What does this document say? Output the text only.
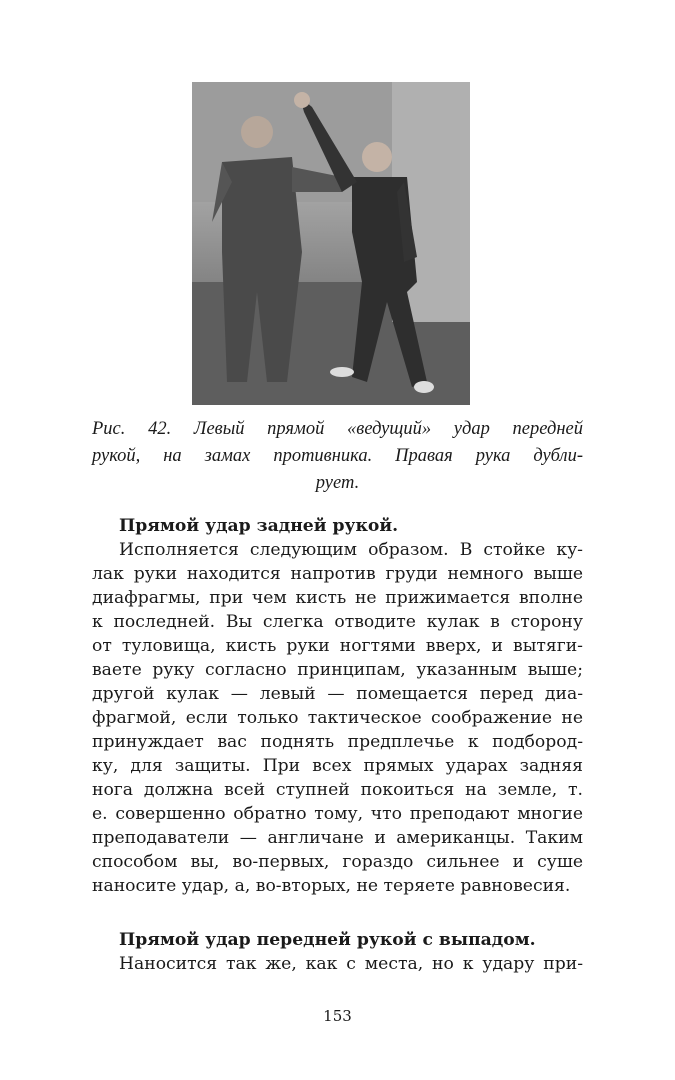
Рис. 42. Левый прямой «ведущий» удар передней
рукой, на замах противника. Правая рука дубли-
рует.
Прямой удар задней рукой.
Исполняется следующим образом. В стойке ку-
лак руки находится напротив груди немного выше
диафрагмы, при чем кисть не прижимается вполне
к последней. Вы слегка отводите кулак в сторону
от туловища, кисть руки ногтями вверх, и вытяги-
ваете руку согласно принципам, указанным выше;
другой кулак — левый — помещается перед диа-
фрагмой, если только тактическое соображение не
принуждает вас поднять предплечье к подбород-
ку, для защиты. При всех прямых ударах задняя
нога должна всей ступней покоиться на земле, т.
е. совершенно обратно тому, что преподают многие
преподаватели — англичане и американцы. Таким
способом вы, во-первых, гораздо сильнее и суше
наносите удар, а, во-вторых, не теряете равновесия.
Прямой удар передней рукой с выпадом.
Наносится так же, как с места, но к удару при-
153
